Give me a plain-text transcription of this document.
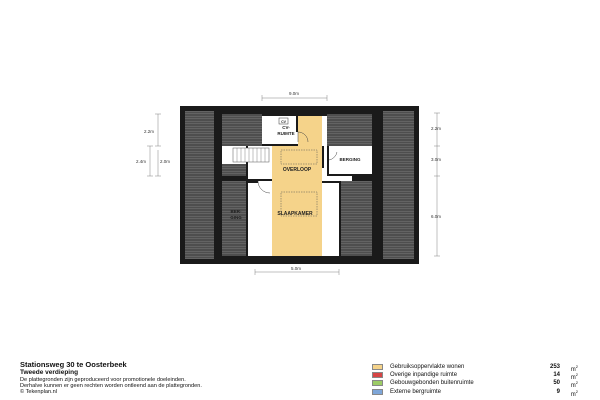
CV
CV-
RUIMTE
OVERLOOP
BERGING
SLAAPKAMER
BER-
GING
9.0m
5.0m
2.2m
2.4m	2.0m
2.2m
3.0m
6.0m
Stationsweg 30 te Oosterbeek
Tweede verdieping
De plattegronden zijn geproduceerd voor promotionele doeleinden.
Derhalve kunnen er geen rechten worden ontleend aan de plattegronden.
© Tekenplan.nl
Gebruiksoppervlakte wonen	253 $m^2$
Overige inpandige ruimte	14 $m^2$
Gebouwgebonden buitenruimte	50 $m^2$
Externe bergruimte	9 $m^2$
